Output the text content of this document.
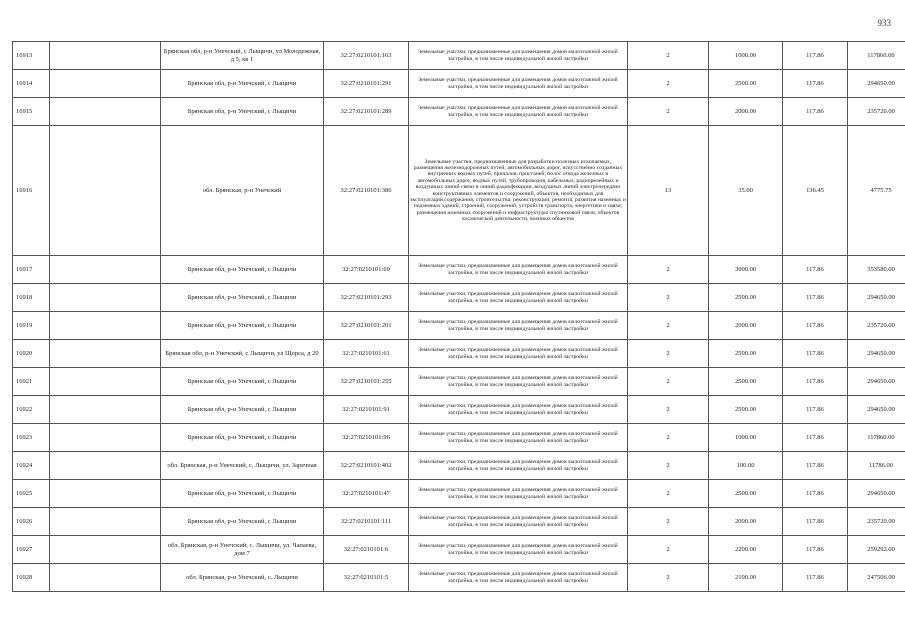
933
16913		Брянская обл, р-н Унечский, с Лыщичи, ул Молодежная, д 5, кв 1	32:27:0210101:163	Земельные участки, предназначенные для размещения домов малоэтажной жилой застройки, в том числе индивидуальной жилой застройки	2	1000.00	117.86	117860.00
16914		Брянская обл, р-н Унечский, с Лыщичи	32:27:0210101:291	Земельные участки, предназначенные для размещения домов малоэтажной жилой застройки, в том числе индивидуальной жилой застройки	2	2500.00	117.86	294650.00
16915		Брянская обл, р-н Унечский, с Лыщичи	32:27:0210101:289	Земельные участки, предназначенные для размещения домов малоэтажной жилой застройки, в том числе индивидуальной жилой застройки	2	2000.00	117.86	235720.00
16916		обл. Брянская, р-н Унечский	32:27:0210101:386	Земельные участки, предназначенные для разработки полезных ископаемых, размещения железнодорожных путей, автомобильных дорог, искусственно созданных внутренних водных путей, причалов, пристаней, полос отвода железных и автомобильных дорог, водных путей, трубопроводов, кабельных, радиорелейных и воздушных линий связи и линий радиофикации, воздушных линий электропередачи конструктивных элементов и сооружений, объектов, необходимых для эксплуатации,содержания, строительства, реконструкции, ремонта, развития наземных и подземных зданий, строений, сооружений, устройств транспорта, энергетики и связи; размещения наземных сооружений и инфраструктуры спутниковой связи, объектов космической деятельности, военных объектов	13	35.00	136.45	4775.75
16917		Брянская обл, р-н Унечский, с Лыщичи	32:27:0210101:69	Земельные участки, предназначенные для размещения домов малоэтажной жилой застройки, в том числе индивидуальной жилой застройки	2	3000.00	117.86	353580.00
16918		Брянская обл, р-н Унечский, с Лыщичи	32:27:0210101:293	Земельные участки, предназначенные для размещения домов малоэтажной жилой застройки, в том числе индивидуальной жилой застройки	2	2500.00	117.86	294650.00
16919		Брянская обл, р-н Унечский, с Лыщичи	32:27:0210101:201	Земельные участки, предназначенные для размещения домов малоэтажной жилой застройки, в том числе индивидуальной жилой застройки	2	2000.00	117.86	235720.00
16920		Брянская обл, р-н Унечский, с Лыщичи, ул Щорса, д 20	32:27:0210101:61	Земельные участки, предназначенные для размещения домов малоэтажной жилой застройки, в том числе индивидуальной жилой застройки	2	2500.00	117.86	294650.00
16921		Брянская обл, р-н Унечский, с Лыщичи	32:27:0210101:255	Земельные участки, предназначенные для размещения домов малоэтажной жилой застройки, в том числе индивидуальной жилой застройки	2	2500.00	117.86	294650.00
16922		Брянская обл, р-н Унечский, с Лыщичи	32:27:0210101:91	Земельные участки, предназначенные для размещения домов малоэтажной жилой застройки, в том числе индивидуальной жилой застройки	2	2500.00	117.86	294650.00
16923		Брянская обл, р-н Унечский, с Лыщичи	32:27:0210101:96	Земельные участки, предназначенные для размещения домов малоэтажной жилой застройки, в том числе индивидуальной жилой застройки	2	1000.00	117.86	117860.00
16924		обл. Брянская, р-н Унечский, с. Лыщичи, ул. Заречная	32:27:0210101:402	Земельные участки, предназначенные для размещения домов малоэтажной жилой застройки, в том числе индивидуальной жилой застройки	2	100.00	117.86	11786.00
16925		Брянская обл, р-н Унечский, с Лыщичи	32:27:0210101:47	Земельные участки, предназначенные для размещения домов малоэтажной жилой застройки, в том числе индивидуальной жилой застройки	2	2500.00	117.86	294650.00
16926		Брянская обл, р-н Унечский, с Лыщичи	32:27:0210101:111	Земельные участки, предназначенные для размещения домов малоэтажной жилой застройки, в том числе индивидуальной жилой застройки	2	2000.00	117.86	235720.00
16927		обл. Брянская, р-н Унечский, с. Лыщичи, ул. Чапаева, дом 7	32:27:0210101:6	Земельные участки, предназначенные для размещения домов малоэтажной жилой застройки, в том числе индивидуальной жилой застройки	2	2200.00	117.86	259292.00
16928		обл. Брянская, р-н Унечский, с. Лыщичи	32:27:0210101:5	Земельные участки, предназначенные для размещения домов малоэтажной жилой застройки, в том числе индивидуальной жилой застройки	2	2100.00	117.86	247506.00
